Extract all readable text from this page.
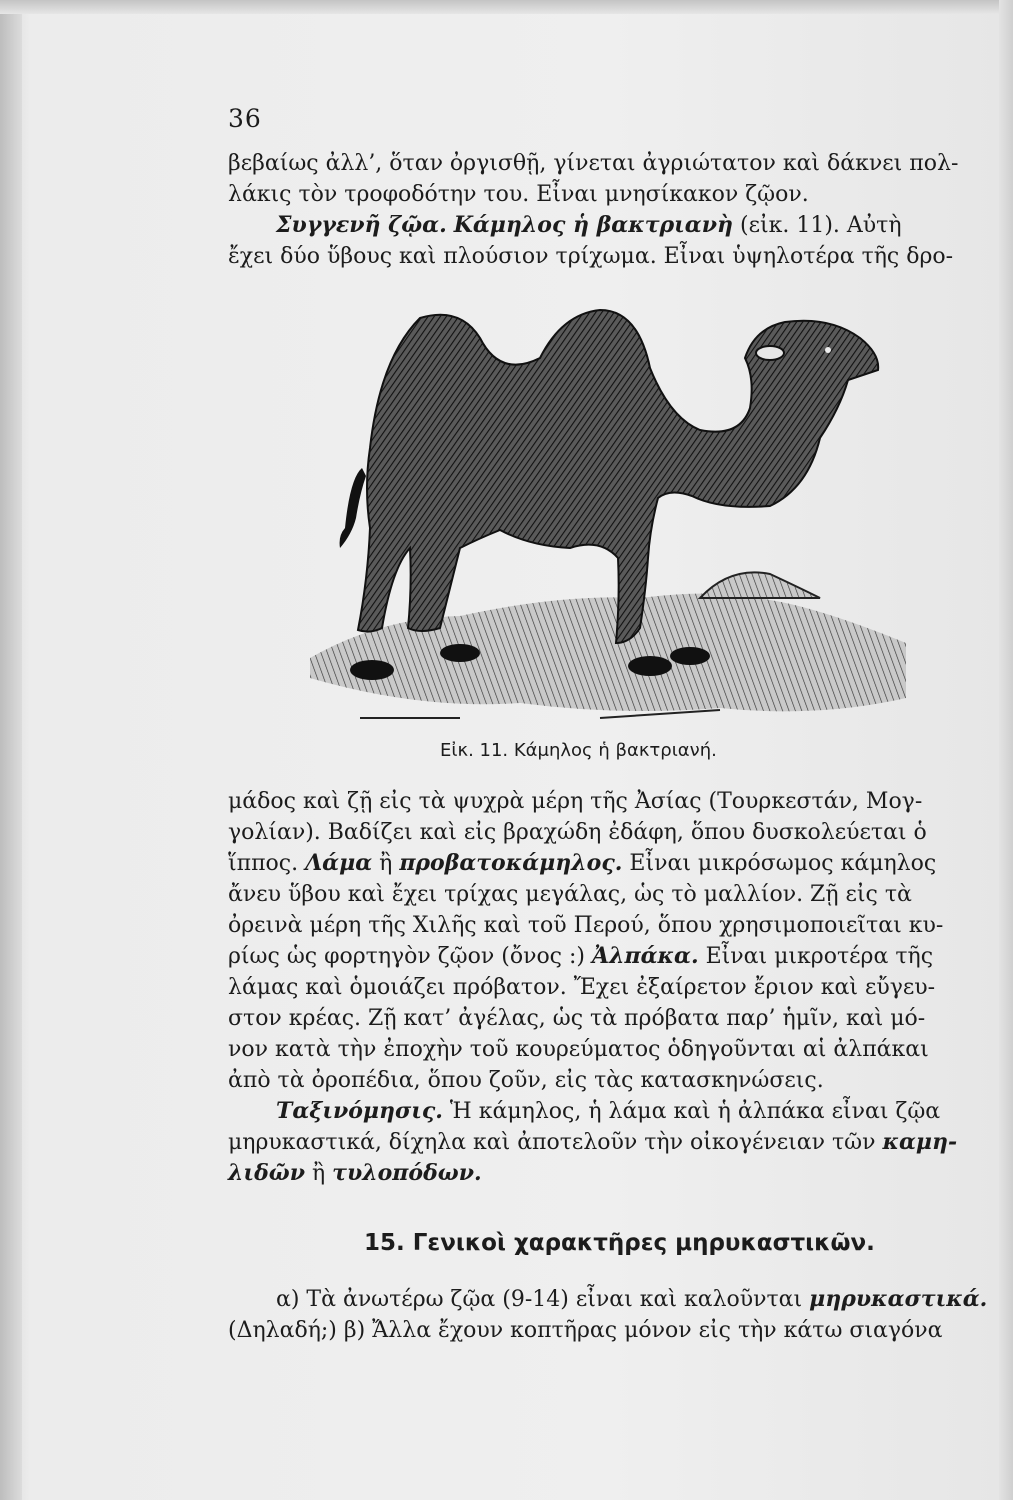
36

βεβαίως ἀλλ’, ὅταν ὀργισθῇ, γίνεται ἀγριώτατον καὶ δάκνει πολ-
λάκις τὸν τροφοδότην του. Εἶναι μνησίκακον ζῷον.
Συγγενῆ ζῷα. Κάμηλος ἡ βακτριανὴ (εἰκ. 11). Αὐτὴ
ἔχει δύο ὕβους καὶ πλούσιον τρίχωμα. Εἶναι ὑψηλοτέρα τῆς δρο-

Εἰκ. 11. Κάμηλος ἡ βακτριανή.

μάδος καὶ ζῇ εἰς τὰ ψυχρὰ μέρη τῆς Ἀσίας (Τουρκεστάν, Μογ-
γολίαν). Βαδίζει καὶ εἰς βραχώδη ἐδάφη, ὅπου δυσκολεύεται ὁ
ἵππος. Λάμα ἢ προβατοκάμηλος. Εἶναι μικρόσωμος κάμηλος
ἄνευ ὕβου καὶ ἔχει τρίχας μεγάλας, ὡς τὸ μαλλίον. Ζῇ εἰς τὰ
ὀρεινὰ μέρη τῆς Χιλῆς καὶ τοῦ Περού, ὅπου χρησιμοποιεῖται κυ-
ρίως ὡς φορτηγὸν ζῷον (ὄνος :) Ἀλπάκα. Εἶναι μικροτέρα τῆς
λάμας καὶ ὁμοιάζει πρόβατον. Ἔχει ἐξαίρετον ἔριον καὶ εὔγευ-
στον κρέας. Ζῇ κατ’ ἀγέλας, ὡς τὰ πρόβατα παρ’ ἡμῖν, καὶ μό-
νον κατὰ τὴν ἐποχὴν τοῦ κουρεύματος ὁδηγοῦνται αἱ ἀλπάκαι
ἀπὸ τὰ ὀροπέδια, ὅπου ζοῦν, εἰς τὰς κατασκηνώσεις.
Ταξινόμησις. Ἡ κάμηλος, ἡ λάμα καὶ ἡ ἀλπάκα εἶναι ζῷα
μηρυκαστικά, δίχηλα καὶ ἀποτελοῦν τὴν οἰκογένειαν τῶν καμη-
λιδῶν ἢ τυλοπόδων.

15. Γενικοὶ χαρακτῆρες μηρυκαστικῶν.

α) Τὰ ἀνωτέρω ζῷα (9-14) εἶναι καὶ καλοῦνται μηρυκαστικά.
(Δηλαδή;) β) Ἄλλα ἔχουν κοπτῆρας μόνον εἰς τὴν κάτω σιαγόνα
